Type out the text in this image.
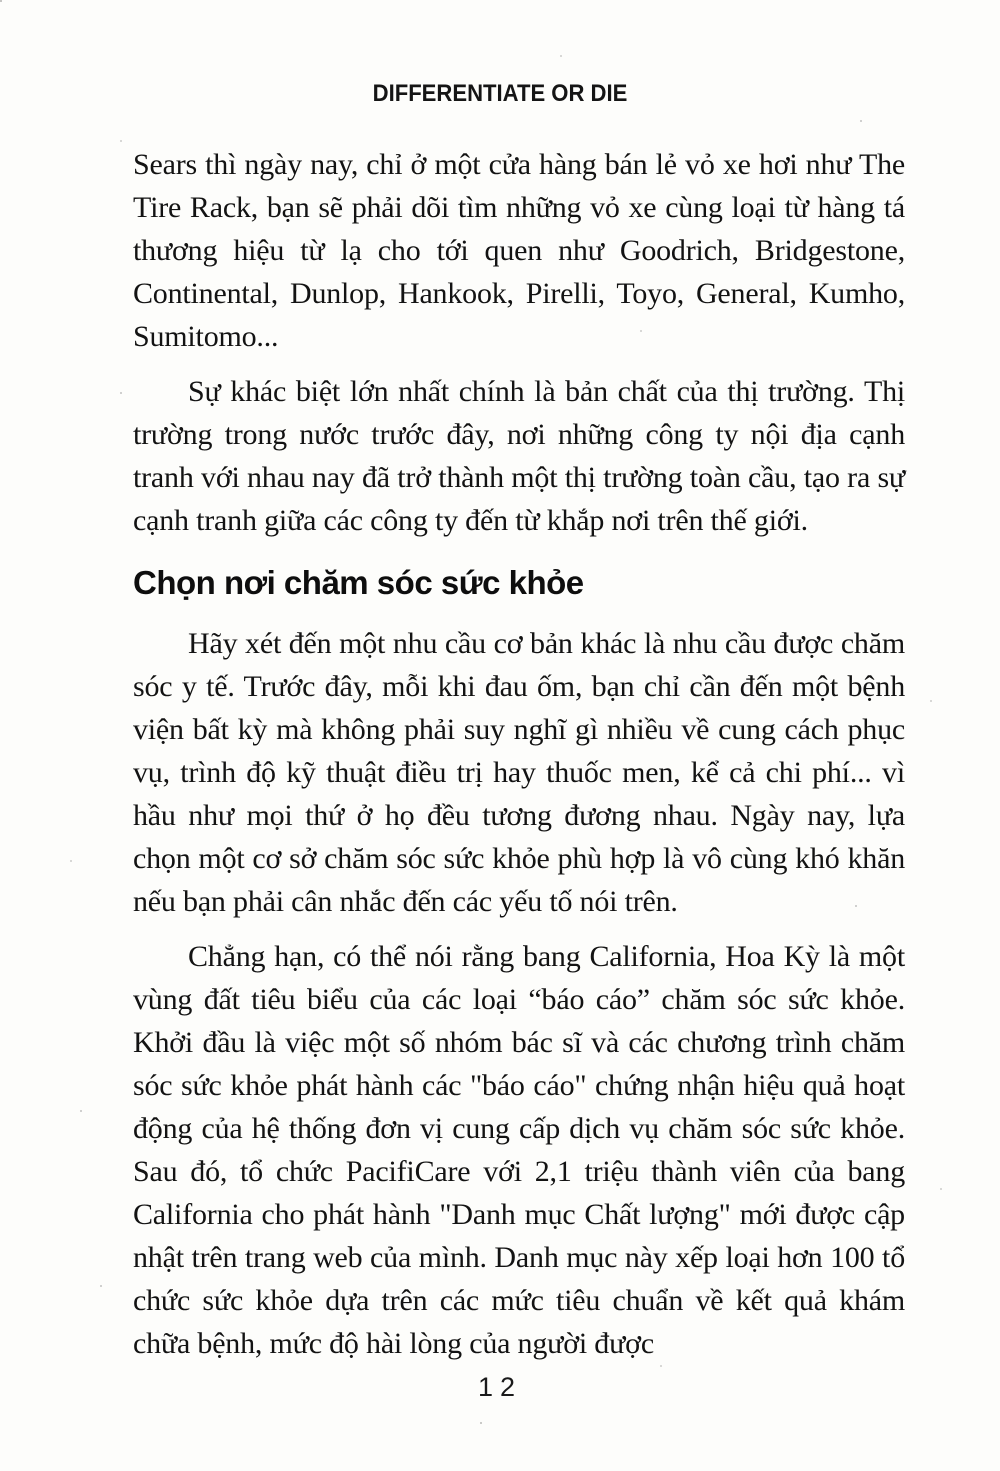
DIFFERENTIATE OR DIE

Sears thì ngày nay, chỉ ở một cửa hàng bán lẻ vỏ xe hơi như The Tire Rack, bạn sẽ phải dõi tìm những vỏ xe cùng loại từ hàng tá thương hiệu từ lạ cho tới quen như Goodrich, Bridgestone, Continental, Dunlop, Hankook, Pirelli, Toyo, General, Kumho, Sumitomo...

Sự khác biệt lớn nhất chính là bản chất của thị trường. Thị trường trong nước trước đây, nơi những công ty nội địa cạnh tranh với nhau nay đã trở thành một thị trường toàn cầu, tạo ra sự cạnh tranh giữa các công ty đến từ khắp nơi trên thế giới.

Chọn nơi chăm sóc sức khỏe

Hãy xét đến một nhu cầu cơ bản khác là nhu cầu được chăm sóc y tế. Trước đây, mỗi khi đau ốm, bạn chỉ cần đến một bệnh viện bất kỳ mà không phải suy nghĩ gì nhiều về cung cách phục vụ, trình độ kỹ thuật điều trị hay thuốc men, kể cả chi phí... vì hầu như mọi thứ ở họ đều tương đương nhau. Ngày nay, lựa chọn một cơ sở chăm sóc sức khỏe phù hợp là vô cùng khó khăn nếu bạn phải cân nhắc đến các yếu tố nói trên.

Chẳng hạn, có thể nói rằng bang California, Hoa Kỳ là một vùng đất tiêu biểu của các loại “báo cáo” chăm sóc sức khỏe. Khởi đầu là việc một số nhóm bác sĩ và các chương trình chăm sóc sức khỏe phát hành các "báo cáo" chứng nhận hiệu quả hoạt động của hệ thống đơn vị cung cấp dịch vụ chăm sóc sức khỏe. Sau đó, tổ chức PacifiCare với 2,1 triệu thành viên của bang California cho phát hành "Danh mục Chất lượng" mới được cập nhật trên trang web của mình. Danh mục này xếp loại hơn 100 tổ chức sức khỏe dựa trên các mức tiêu chuẩn về kết quả khám chữa bệnh, mức độ hài lòng của người được

12
